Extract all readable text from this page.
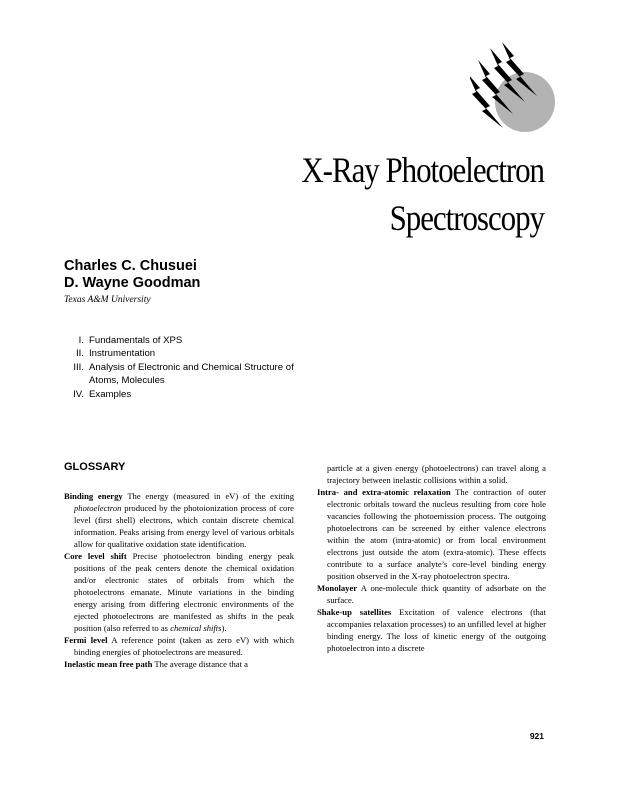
X-Ray Photoelectron
Spectroscopy
Charles C. Chusuei
D. Wayne Goodman
Texas A&M University
I. Fundamentals of XPS
II. Instrumentation
III. Analysis of Electronic and Chemical Structure of Atoms, Molecules
IV. Examples
GLOSSARY

Binding energy The energy (measured in eV) of the exiting photoelectron produced by the photoionization process of core level (first shell) electrons, which contain discrete chemical information. Peaks arising from energy level of various orbitals allow for qualitative oxidation state identification.

Core level shift Precise photoelectron binding energy peak positions of the peak centers denote the chemical oxidation and/or electronic states of orbitals from which the photoelectrons emanate. Minute variations in the binding energy arising from differing electronic environments of the ejected photoelectrons are manifested as shifts in the peak position (also referred to as chemical shifts).

Fermi level A reference point (taken as zero eV) with which binding energies of photoelectrons are measured.

Inelastic mean free path The average distance that a

particle at a given energy (photoelectrons) can travel along a trajectory between inelastic collisions within a solid.

Intra- and extra-atomic relaxation The contraction of outer electronic orbitals toward the nucleus resulting from core hole vacancies following the photoemission process. The outgoing photoelectrons can be screened by either valence electrons within the atom (intra-atomic) or from local environment electrons just outside the atom (extra-atomic). These effects contribute to a surface analyte’s core-level binding energy position observed in the X-ray photoelectron spectra.

Monolayer A one-molecule thick quantity of adsorbate on the surface.

Shake-up satellites Excitation of valence electrons (that accompanies relaxation processes) to an unfilled level at higher binding energy. The loss of kinetic energy of the outgoing photoelectron into a discrete

921
